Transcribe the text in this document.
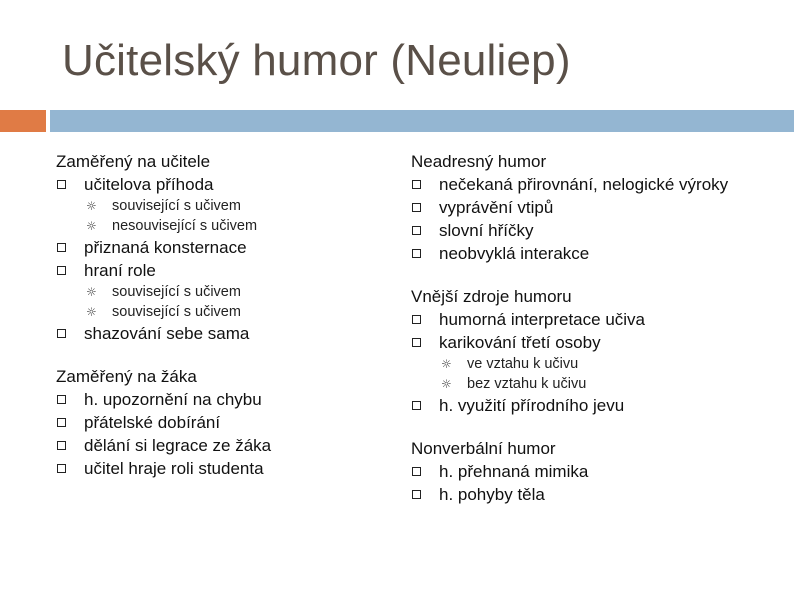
Učitelský humor (Neuliep)
Zaměřený na učitele
učitelova příhoda
☼ související s učivem
☼ nesouvisející s učivem
přiznaná konsternace
hraní role
☼ související s učivem
☼ související s učivem
shazování sebe sama
Zaměřený na žáka
h. upozornění na chybu
přátelské dobírání
dělání si legrace ze žáka
učitel hraje roli studenta
Neadresný humor
nečekaná přirovnání, nelogické výroky
vyprávění vtipů
slovní hříčky
neobvyklá interakce
Vnější zdroje humoru
humorná interpretace učiva
karikování třetí osoby
☼ ve vztahu k učivu
☼ bez vztahu k učivu
h. využití přírodního jevu
Nonverbální humor
h. přehnaná mimika
h. pohyby těla
